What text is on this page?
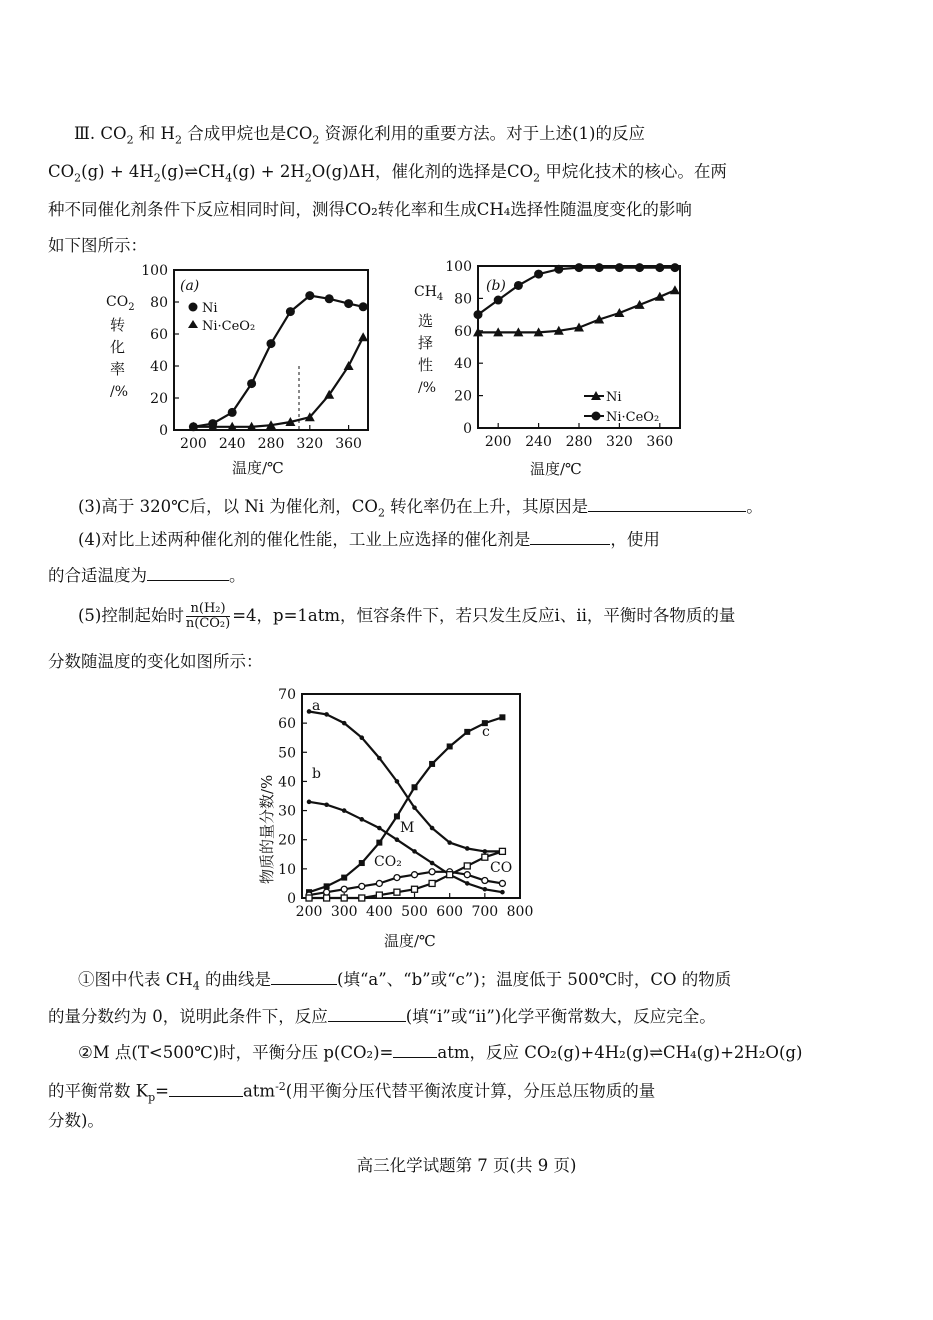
Ⅲ. $CO_2$ 和 $H_2$ 合成甲烷也是$CO_2$ 资源化利用的重要方法。对于上述(1)的反应
$CO_2(g)$ + $4H_2(g)\rightleftharpoons CH_4(g) + 2H_2O(g)\Delta H$，催化剂的选择是$CO_2$ 甲烷化技术的核心。在两
种不同催化剂条件下反应相同时间，测得CO₂转化率和生成CH₄选择性随温度变化的影响
如下图所示：
0
20
40
60
80
100
200 240 280 320 360
(a)
Ni
Ni·CeO₂
$CO_2$
转
化
率
/%
温度/℃
0
20
40
60
80
100
200 240 280 320 360
(b)
Ni
Ni·CeO₂
$CH_4$
选
择
性
/%
温度/℃
(3)高于 320℃后，以 Ni 为催化剂，$CO_2$ 转化率仍在上升，其原因是	。
(4)对比上述两种催化剂的催化性能，工业上应选择的催化剂是	，使用
的合适温度为	。
(5)控制起始时 $\frac{\text{n(H₂)}}{\text{n(CO₂)}} =4$，p=1atm，恒容条件下，若只发生反应ⅰ、ⅱ，平衡时各物质的量
分数随温度的变化如图所示：
0
10
20
30
40
50
60
70
200 300 400 500 600 700 800
物质的量分数/%
温度/℃
a
b
c
M
CO₂	CO
①图中代表 $CH_4$ 的曲线是	(填“a”、“b”或“c”)；温度低于 500℃时，CO 的物质
的量分数约为 0，说明此条件下，反应	(填“ⅰ”或“ⅱ”)化学平衡常数大，反应完全。
②M 点(T<500℃)时，平衡分压 p(CO₂)=	atm，反应 CO₂(g)+4H₂(g)⇌CH₄(g)+2H₂O(g)
的平衡常数 $K_p=$	atm$^{-2}$(用平衡分压代替平衡浓度计算，分压总压物质的量
分数)。
高三化学试题第 7 页(共 9 页)
